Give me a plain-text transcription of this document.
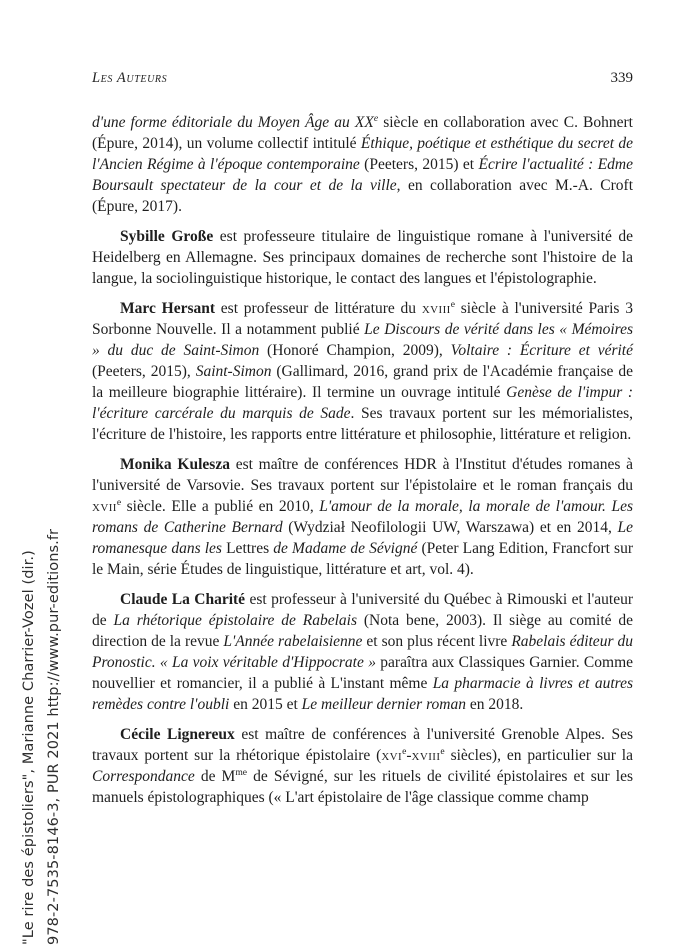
"Le rire des épistoliers", Marianne Charrier-Vozel (dir.) 978-2-7535-8146-3, PUR 2021 http://www.pur-editions.fr
Les Auteurs	339

d'une forme éditoriale du Moyen Âge au XXe siècle en collaboration avec C. Bohnert (Épure, 2014), un volume collectif intitulé Éthique, poétique et esthétique du secret de l'Ancien Régime à l'époque contemporaine (Peeters, 2015) et Écrire l'actualité : Edme Boursault spectateur de la cour et de la ville, en collaboration avec M.-A. Croft (Épure, 2017).

Sybille Große est professeure titulaire de linguistique romane à l'université de Heidelberg en Allemagne. Ses principaux domaines de recherche sont l'histoire de la langue, la sociolinguistique historique, le contact des langues et l'épistolographie.

Marc Hersant est professeur de littérature du xviii$^e$ siècle à l'université Paris 3 Sorbonne Nouvelle. Il a notamment publié Le Discours de vérité dans les « Mémoires » du duc de Saint-Simon (Honoré Champion, 2009), Voltaire : Écriture et vérité (Peeters, 2015), Saint-Simon (Gallimard, 2016, grand prix de l'Académie française de la meilleure biographie littéraire). Il termine un ouvrage intitulé Genèse de l'impur : l'écriture carcérale du marquis de Sade. Ses travaux portent sur les mémorialistes, l'écriture de l'histoire, les rapports entre littérature et philosophie, littérature et religion.

Monika Kulesza est maître de conférences HDR à l'Institut d'études romanes à l'université de Varsovie. Ses travaux portent sur l'épistolaire et le roman français du xvii$^e$ siècle. Elle a publié en 2010, L'amour de la morale, la morale de l'amour. Les romans de Catherine Bernard (Wydział Neofilologii UW, Warszawa) et en 2014, Le romanesque dans les Lettres de Madame de Sévigné (Peter Lang Edition, Francfort sur le Main, série Études de linguistique, littérature et art, vol. 4).

Claude La Charité est professeur à l'université du Québec à Rimouski et l'auteur de La rhétorique épistolaire de Rabelais (Nota bene, 2003). Il siège au comité de direction de la revue L'Année rabelaisienne et son plus récent livre Rabelais éditeur du Pronostic. « La voix véritable d'Hippocrate » paraîtra aux Classiques Garnier. Comme nouvellier et romancier, il a publié à L'instant même La pharmacie à livres et autres remèdes contre l'oubli en 2015 et Le meilleur dernier roman en 2018.

Cécile Lignereux est maître de conférences à l'université Grenoble Alpes. Ses travaux portent sur la rhétorique épistolaire (xvi$^e$-xviii$^e$ siècles), en particulier sur la Correspondance de $M^{me}$ de Sévigné, sur les rituels de civilité épistolaires et sur les manuels épistolographiques (« L'art épistolaire de l'âge classique comme champ
